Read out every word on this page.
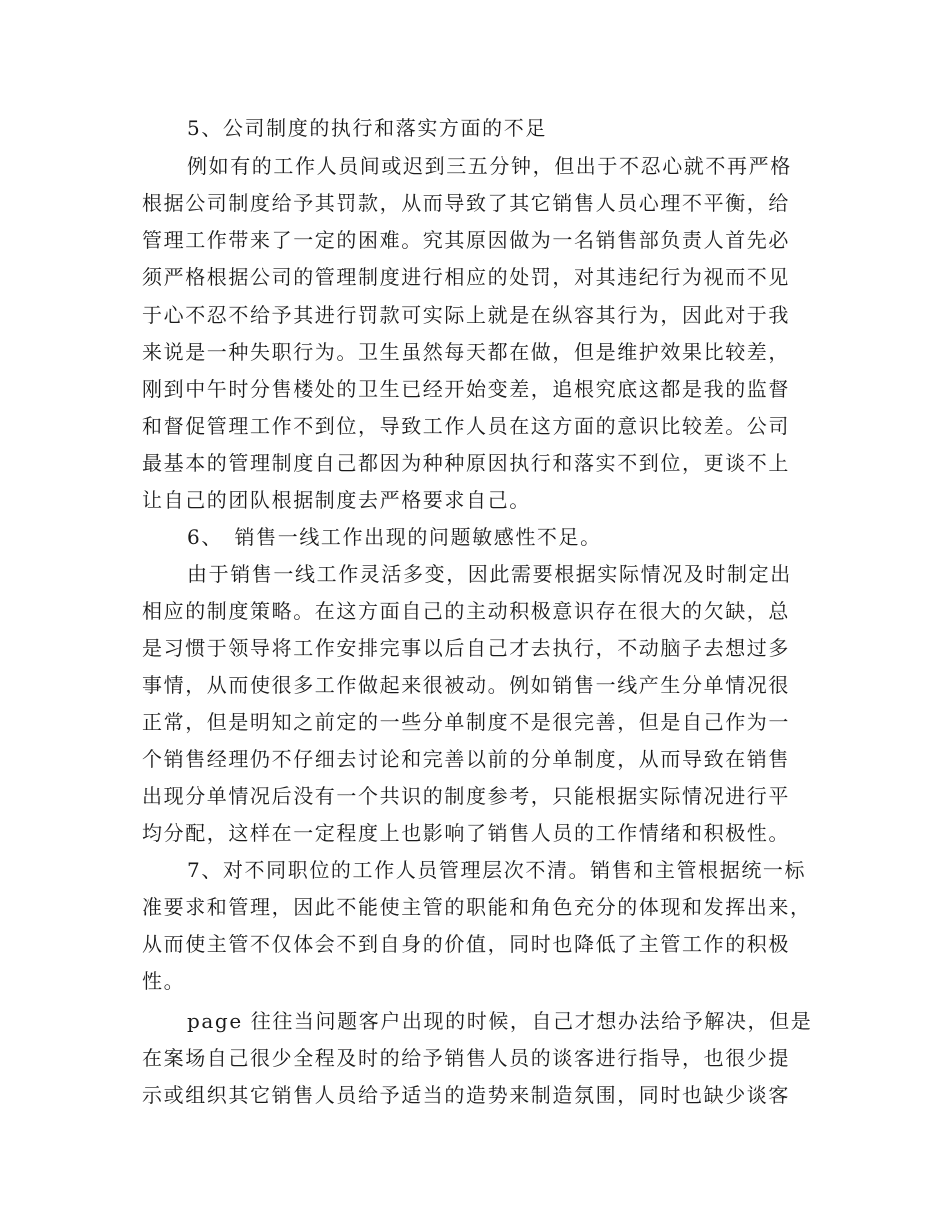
5、公司制度的执行和落实方面的不足
例如有的工作人员间或迟到三五分钟，但出于不忍心就不再严格
根据公司制度给予其罚款，从而导致了其它销售人员心理不平衡，给
管理工作带来了一定的困难。究其原因做为一名销售部负责人首先必
须严格根据公司的管理制度进行相应的处罚，对其违纪行为视而不见
于心不忍不给予其进行罚款可实际上就是在纵容其行为，因此对于我
来说是一种失职行为。卫生虽然每天都在做，但是维护效果比较差，
刚到中午时分售楼处的卫生已经开始变差，追根究底这都是我的监督
和督促管理工作不到位，导致工作人员在这方面的意识比较差。公司
最基本的管理制度自己都因为种种原因执行和落实不到位，更谈不上
让自己的团队根据制度去严格要求自己。
6、　销售一线工作出现的问题敏感性不足。
由于销售一线工作灵活多变，因此需要根据实际情况及时制定出
相应的制度策略。在这方面自己的主动积极意识存在很大的欠缺，总
是习惯于领导将工作安排完事以后自己才去执行，不动脑子去想过多
事情，从而使很多工作做起来很被动。例如销售一线产生分单情况很
正常，但是明知之前定的一些分单制度不是很完善，但是自己作为一
个销售经理仍不仔细去讨论和完善以前的分单制度，从而导致在销售
出现分单情况后没有一个共识的制度参考，只能根据实际情况进行平
均分配，这样在一定程度上也影响了销售人员的工作情绪和积极性。
7、对不同职位的工作人员管理层次不清。销售和主管根据统一标
准要求和管理，因此不能使主管的职能和角色充分的体现和发挥出来，
从而使主管不仅体会不到自身的价值，同时也降低了主管工作的积极
性。
page 往往当问题客户出现的时候，自己才想办法给予解决，但是
在案场自己很少全程及时的给予销售人员的谈客进行指导，也很少提
示或组织其它销售人员给予适当的造势来制造氛围，同时也缺少谈客
